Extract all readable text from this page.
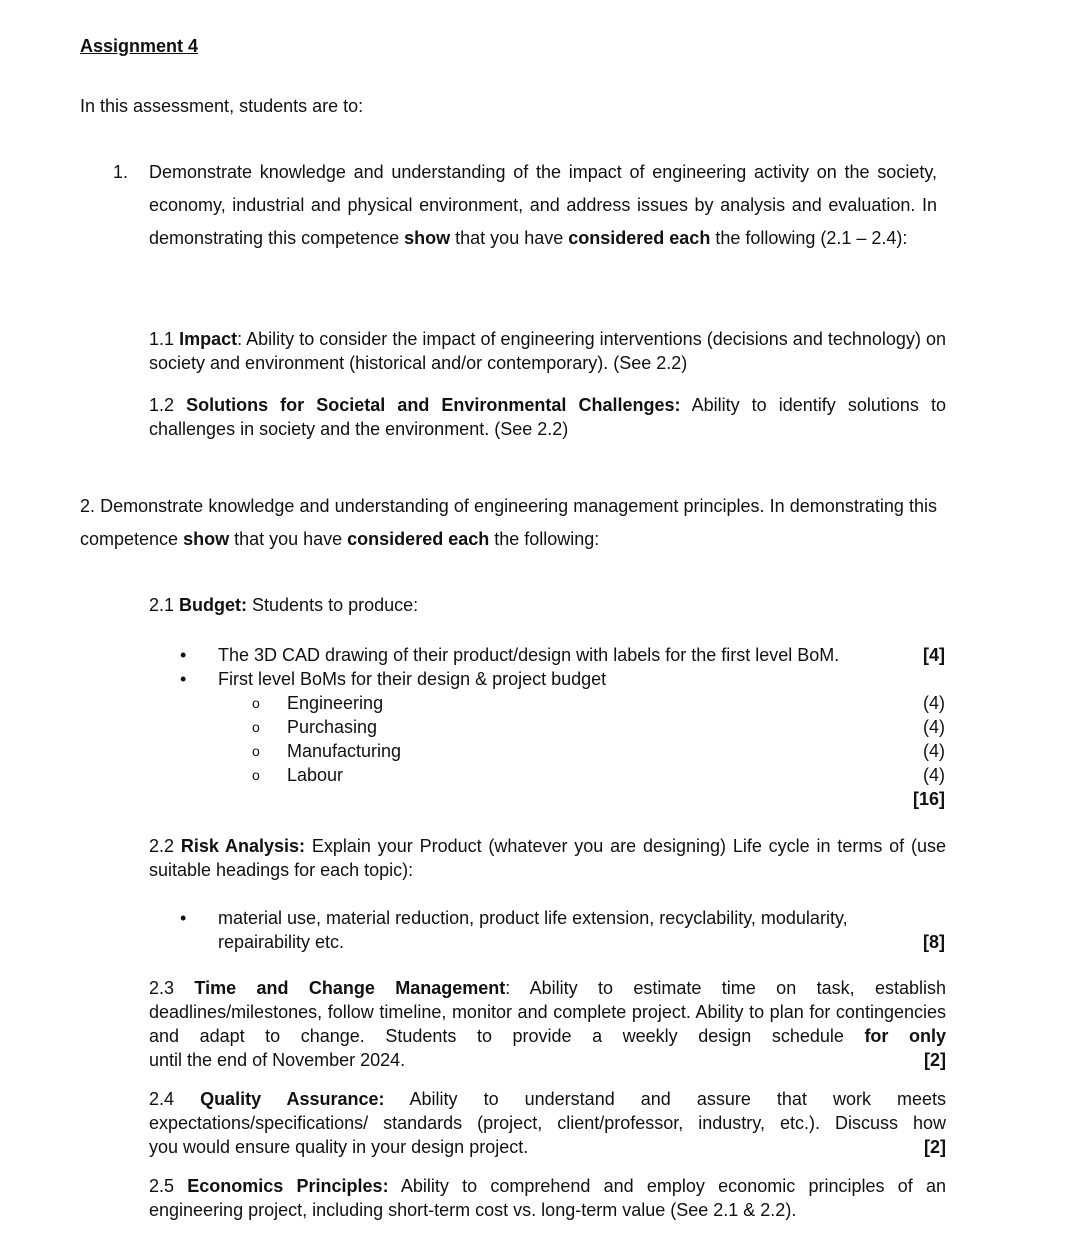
Assignment 4
In this assessment, students are to:
1. Demonstrate knowledge and understanding of the impact of engineering activity on the society, economy, industrial and physical environment, and address issues by analysis and evaluation. In demonstrating this competence show that you have considered each the following (2.1 – 2.4):
1.1 Impact: Ability to consider the impact of engineering interventions (decisions and technology) on society and environment (historical and/or contemporary). (See 2.2)
1.2 Solutions for Societal and Environmental Challenges: Ability to identify solutions to challenges in society and the environment. (See 2.2)
2. Demonstrate knowledge and understanding of engineering management principles. In demonstrating this competence show that you have considered each the following:
2.1 Budget: Students to produce:
• The 3D CAD drawing of their product/design with labels for the first level BoM.	[4]
• First level BoMs for their design & project budget
o Engineering	(4)
o Purchasing	(4)
o Manufacturing	(4)
o Labour	(4)
[16]
2.2 Risk Analysis: Explain your Product (whatever you are designing) Life cycle in terms of (use suitable headings for each topic):
• material use, material reduction, product life extension, recyclability, modularity,
repairability etc.	[8]
2.3 Time and Change Management: Ability to estimate time on task, establish deadlines/milestones, follow timeline, monitor and complete project. Ability to plan for contingencies and adapt to change. Students to provide a weekly design schedule for only
until the end of November 2024.	[2]
2.4 Quality Assurance: Ability to understand and assure that work meets expectations/specifications/ standards (project, client/professor, industry, etc.). Discuss how
you would ensure quality in your design project.	[2]
2.5 Economics Principles: Ability to comprehend and employ economic principles of an engineering project, including short-term cost vs. long-term value (See 2.1 & 2.2).
